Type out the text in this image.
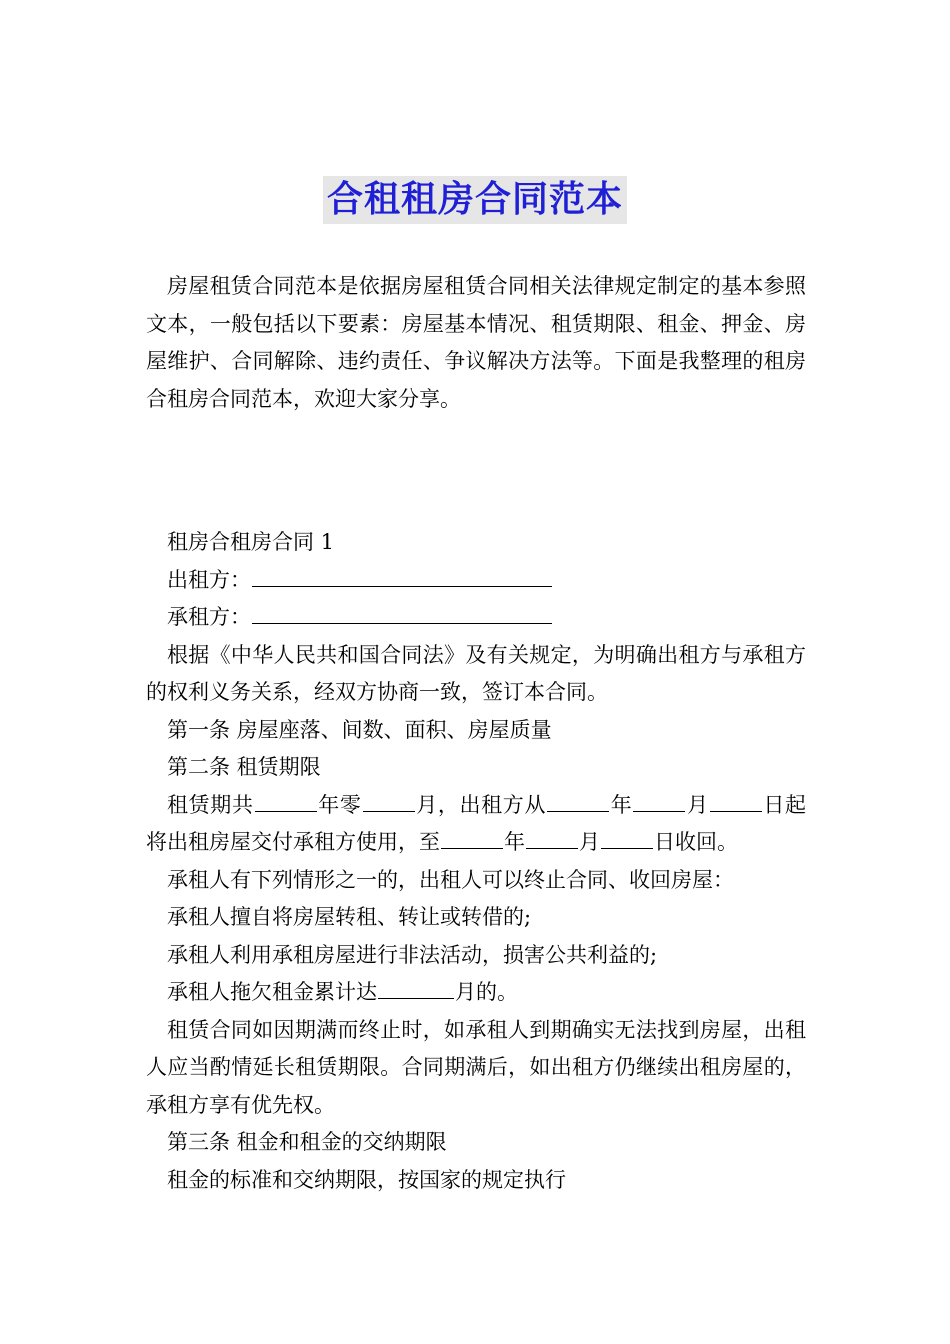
合租租房合同范本

房屋租赁合同范本是依据房屋租赁合同相关法律规定制定的基本参照文本，一般包括以下要素：房屋基本情况、租赁期限、租金、押金、房屋维护、合同解除、违约责任、争议解决方法等。下面是我整理的租房合租房合同范本，欢迎大家分享。

租房合租房合同 1

出租方：

承租方：

根据《中华人民共和国合同法》及有关规定，为明确出租方与承租方的权利义务关系，经双方协商一致，签订本合同。

第一条 房屋座落、间数、面积、房屋质量

第二条 租赁期限

租赁期共	年零	月，出租方从	年	月	日起将出租房屋交付承租方使用，至	年	月	日收回。

承租人有下列情形之一的，出租人可以终止合同、收回房屋：

承租人擅自将房屋转租、转让或转借的;

承租人利用承租房屋进行非法活动，损害公共利益的;

承租人拖欠租金累计达	月的。

租赁合同如因期满而终止时，如承租人到期确实无法找到房屋，出租人应当酌情延长租赁期限。合同期满后，如出租方仍继续出租房屋的，承租方享有优先权。

第三条 租金和租金的交纳期限

租金的标准和交纳期限，按国家的规定执行
